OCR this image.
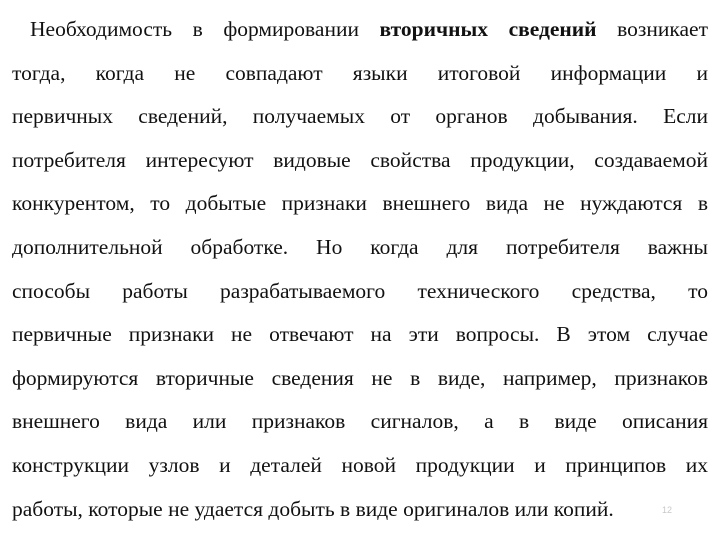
Необходимость в формировании вторичных сведений возникает
тогда, когда не совпадают языки итоговой информации и
первичных сведений, получаемых от органов добывания. Если
потребителя интересуют видовые свойства продукции, создаваемой
конкурентом, то добытые признаки внешнего вида не нуждаются в
дополнительной обработке. Но когда для потребителя важны
способы работы разрабатываемого технического средства, то
первичные признаки не отвечают на эти вопросы. В этом случае
формируются вторичные сведения не в виде, например, признаков
внешнего вида или признаков сигналов, а в виде описания
конструкции узлов и деталей новой продукции и принципов их
работы, которые не удается добыть в виде оригиналов или копий.	12
